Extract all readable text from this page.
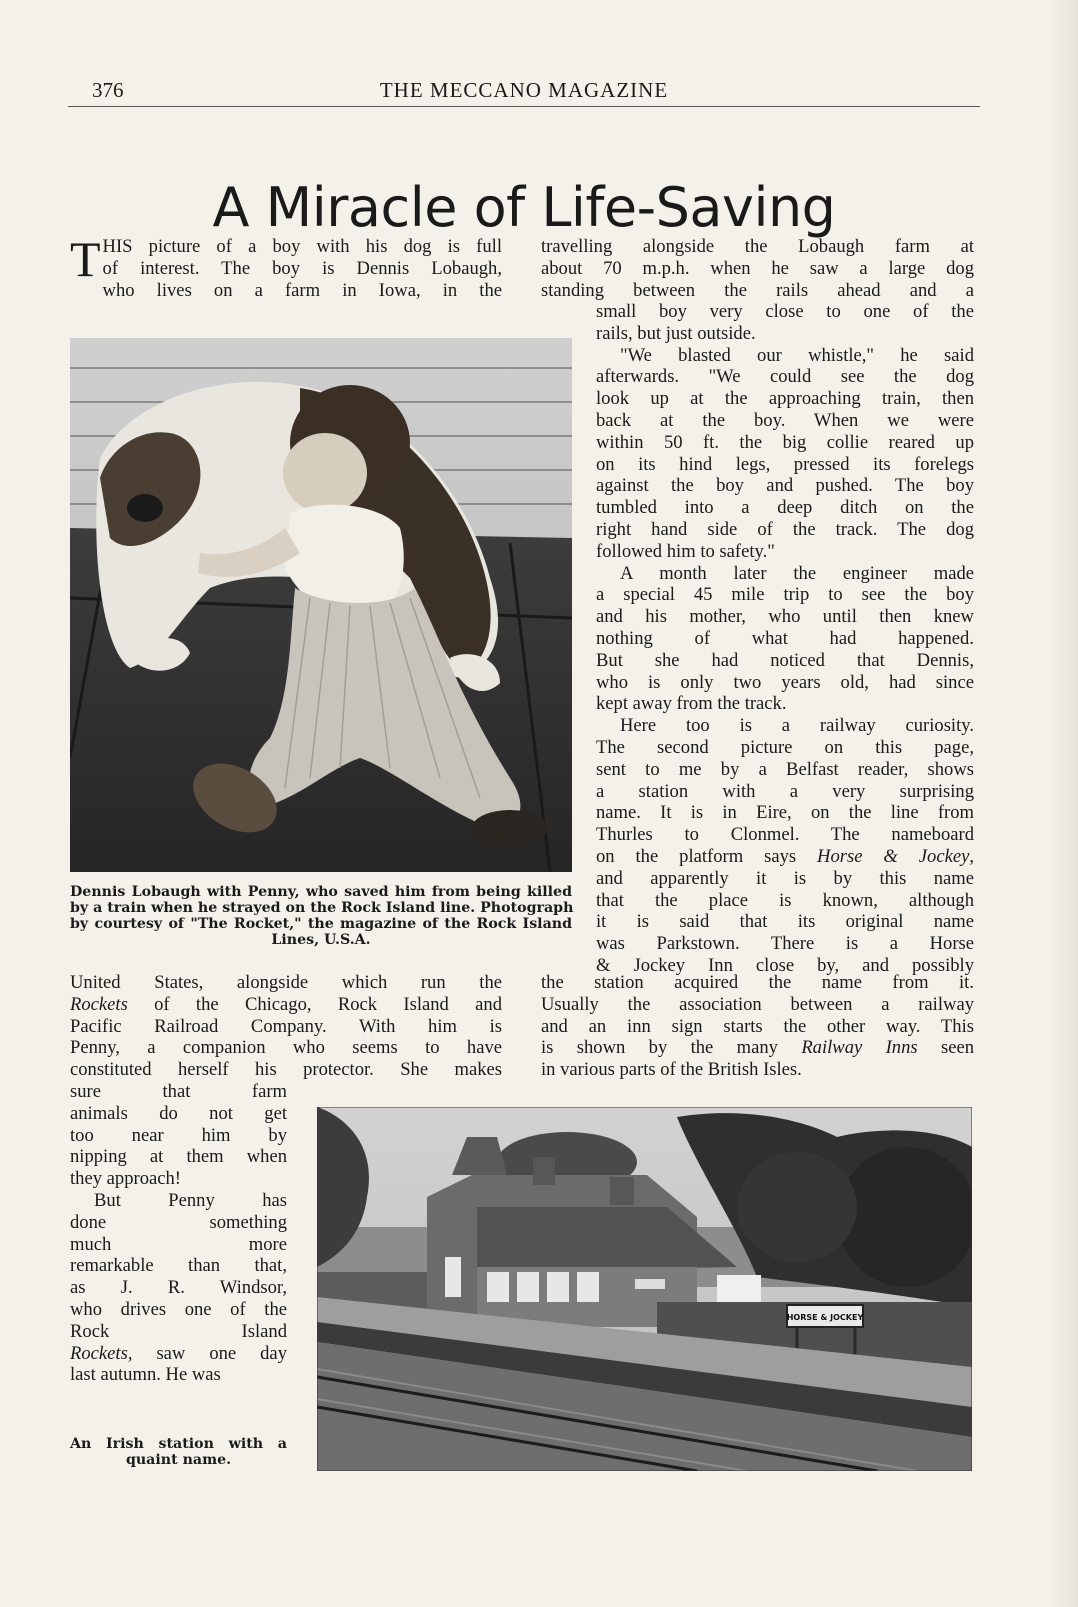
376	THE MECCANO MAGAZINE
A Miracle of Life-Saving
T HIS picture of a boy with his dog is full
of interest. The boy is Dennis Lobaugh,
who lives on a farm in Iowa, in the
travelling alongside the Lobaugh farm at
about 70 m.p.h. when he saw a large dog
standing between the rails ahead and a
Dennis Lobaugh with Penny, who saved him from being killed
by a train when he strayed on the Rock Island line. Photograph
by courtesy of "The Rocket," the magazine of the Rock Island
Lines, U.S.A.
small boy very close to one of the
rails, but just outside.
"We blasted our whistle," he said
afterwards. "We could see the dog
look up at the approaching train, then
back at the boy. When we were
within 50 ft. the big collie reared up
on its hind legs, pressed its forelegs
against the boy and pushed. The boy
tumbled into a deep ditch on the
right hand side of the track. The dog
followed him to safety."
A month later the engineer made
a special 45 mile trip to see the boy
and his mother, who until then knew
nothing of what had happened.
But she had noticed that Dennis,
who is only two years old, had since
kept away from the track.
Here too is a railway curiosity.
The second picture on this page,
sent to me by a Belfast reader, shows
a station with a very surprising
name. It is in Eire, on the line from
Thurles to Clonmel. The nameboard
on the platform says Horse & Jockey,
and apparently it is by this name
that the place is known, although
it is said that its original name
was Parkstown. There is a Horse
& Jockey Inn close by, and possibly
United States, alongside which run the
Rockets of the Chicago, Rock Island and
Pacific Railroad Company. With him is
Penny, a companion who seems to have
constituted herself his protector. She makes
the station acquired the name from it.
Usually the association between a railway
and an inn sign starts the other way. This
is shown by the many Railway Inns seen
in various parts of the British Isles.
sure that farm
animals do not get
too near him by
nipping at them when
they approach!
But Penny has
done something
much more
remarkable than that,
as J. R. Windsor,
who drives one of the
Rock Island
Rockets, saw one day
last autumn. He was
An Irish station with a
quaint name.
HORSE & JOCKEY
